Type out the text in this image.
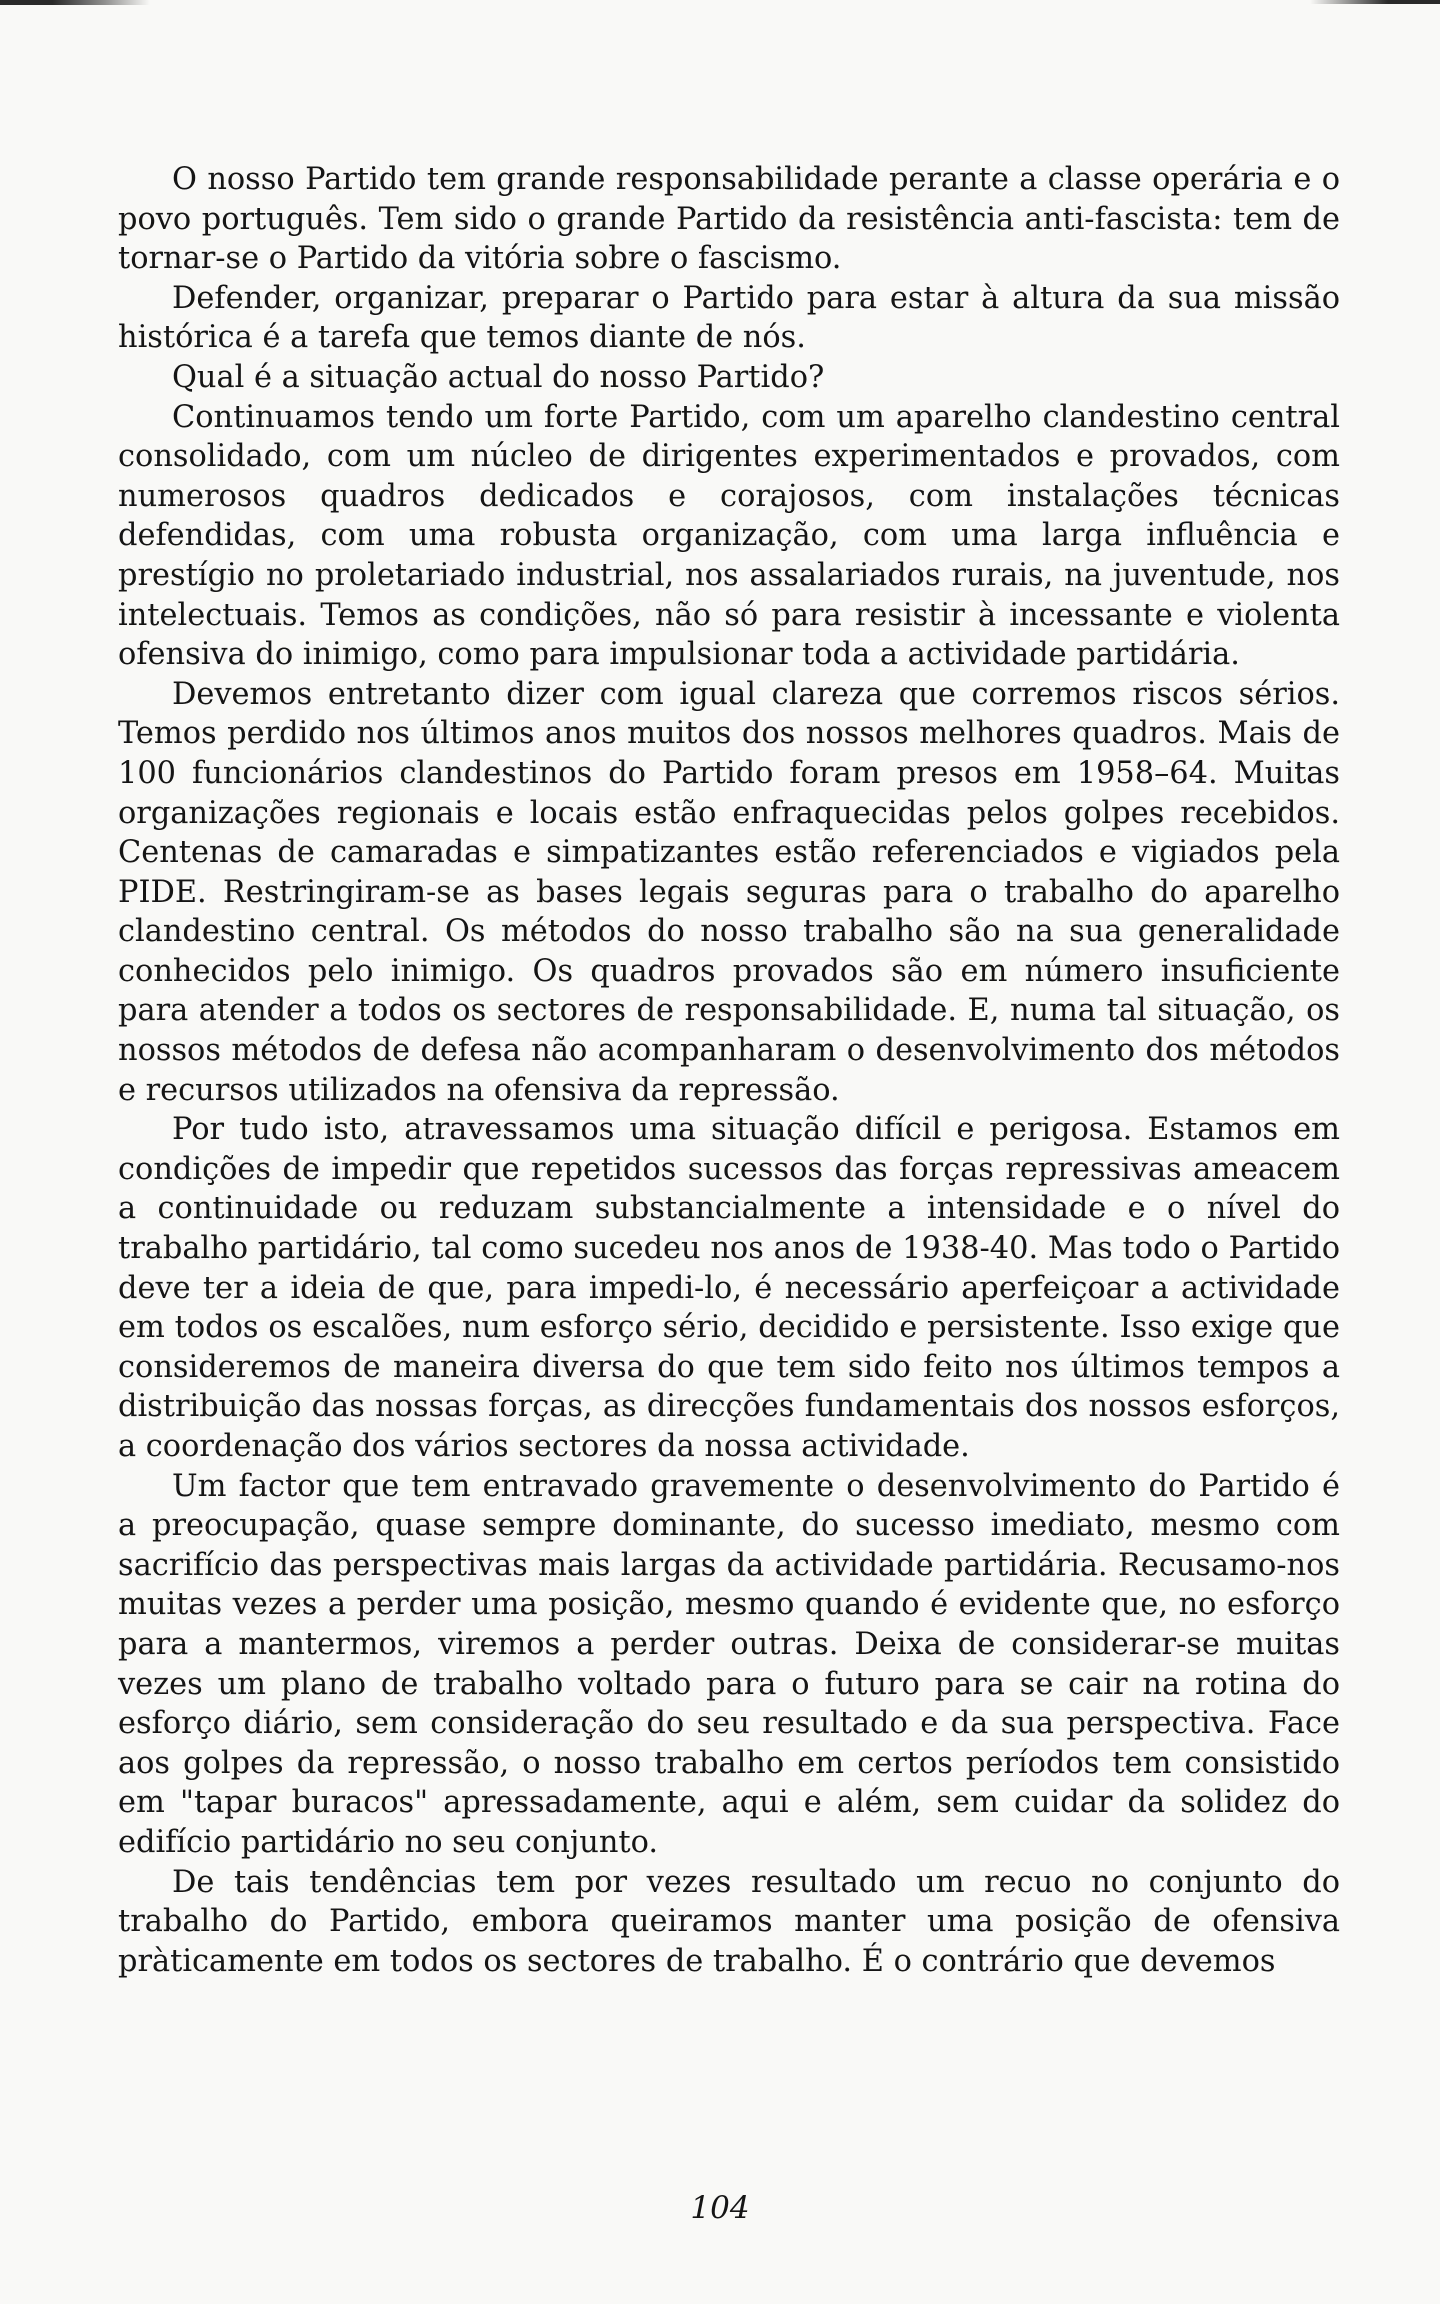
O nosso Partido tem grande responsabilidade perante a classe operária e o povo português. Tem sido o grande Partido da resistência anti-fascista: tem de tornar-se o Partido da vitória sobre o fascismo.

Defender, organizar, preparar o Partido para estar à altura da sua missão histórica é a tarefa que temos diante de nós.

Qual é a situação actual do nosso Partido?

Continuamos tendo um forte Partido, com um aparelho clandestino central consolidado, com um núcleo de dirigentes experimentados e provados, com numerosos quadros dedicados e corajosos, com instalações técnicas defendidas, com uma robusta organização, com uma larga influência e prestígio no proletariado industrial, nos assalariados rurais, na juventude, nos intelectuais. Temos as condições, não só para resistir à incessante e violenta ofensiva do inimigo, como para impulsionar toda a actividade partidária.

Devemos entretanto dizer com igual clareza que corremos riscos sérios. Temos perdido nos últimos anos muitos dos nossos melhores quadros. Mais de 100 funcionários clandestinos do Partido foram presos em 1958–64. Muitas organizações regionais e locais estão enfraquecidas pelos golpes recebidos. Centenas de camaradas e simpatizantes estão referenciados e vigiados pela PIDE. Restringiram-se as bases legais seguras para o trabalho do aparelho clandestino central. Os métodos do nosso trabalho são na sua generalidade conhecidos pelo inimigo. Os quadros provados são em número insuficiente para atender a todos os sectores de responsabilidade. E, numa tal situação, os nossos métodos de defesa não acompanharam o desenvolvimento dos métodos e recursos utilizados na ofensiva da repressão.

Por tudo isto, atravessamos uma situação difícil e perigosa. Estamos em condições de impedir que repetidos sucessos das forças repressivas ameacem a continuidade ou reduzam substancialmente a intensidade e o nível do trabalho partidário, tal como sucedeu nos anos de 1938-40. Mas todo o Partido deve ter a ideia de que, para impedi-lo, é necessário aperfeiçoar a actividade em todos os escalões, num esforço sério, decidido e persistente. Isso exige que consideremos de maneira diversa do que tem sido feito nos últimos tempos a distribuição das nossas forças, as direcções fundamentais dos nossos esforços, a coordenação dos vários sectores da nossa actividade.

Um factor que tem entravado gravemente o desenvolvimento do Partido é a preocupação, quase sempre dominante, do sucesso imediato, mesmo com sacrifício das perspectivas mais largas da actividade partidária. Recusamo-nos muitas vezes a perder uma posição, mesmo quando é evidente que, no esforço para a mantermos, viremos a perder outras. Deixa de considerar-se muitas vezes um plano de trabalho voltado para o futuro para se cair na rotina do esforço diário, sem consideração do seu resultado e da sua perspectiva. Face aos golpes da repressão, o nosso trabalho em certos períodos tem consistido em "tapar buracos" apressadamente, aqui e além, sem cuidar da solidez do edifício partidário no seu conjunto.

De tais tendências tem por vezes resultado um recuo no conjunto do trabalho do Partido, embora queiramos manter uma posição de ofensiva pràticamente em todos os sectores de trabalho. É o contrário que devemos

104
